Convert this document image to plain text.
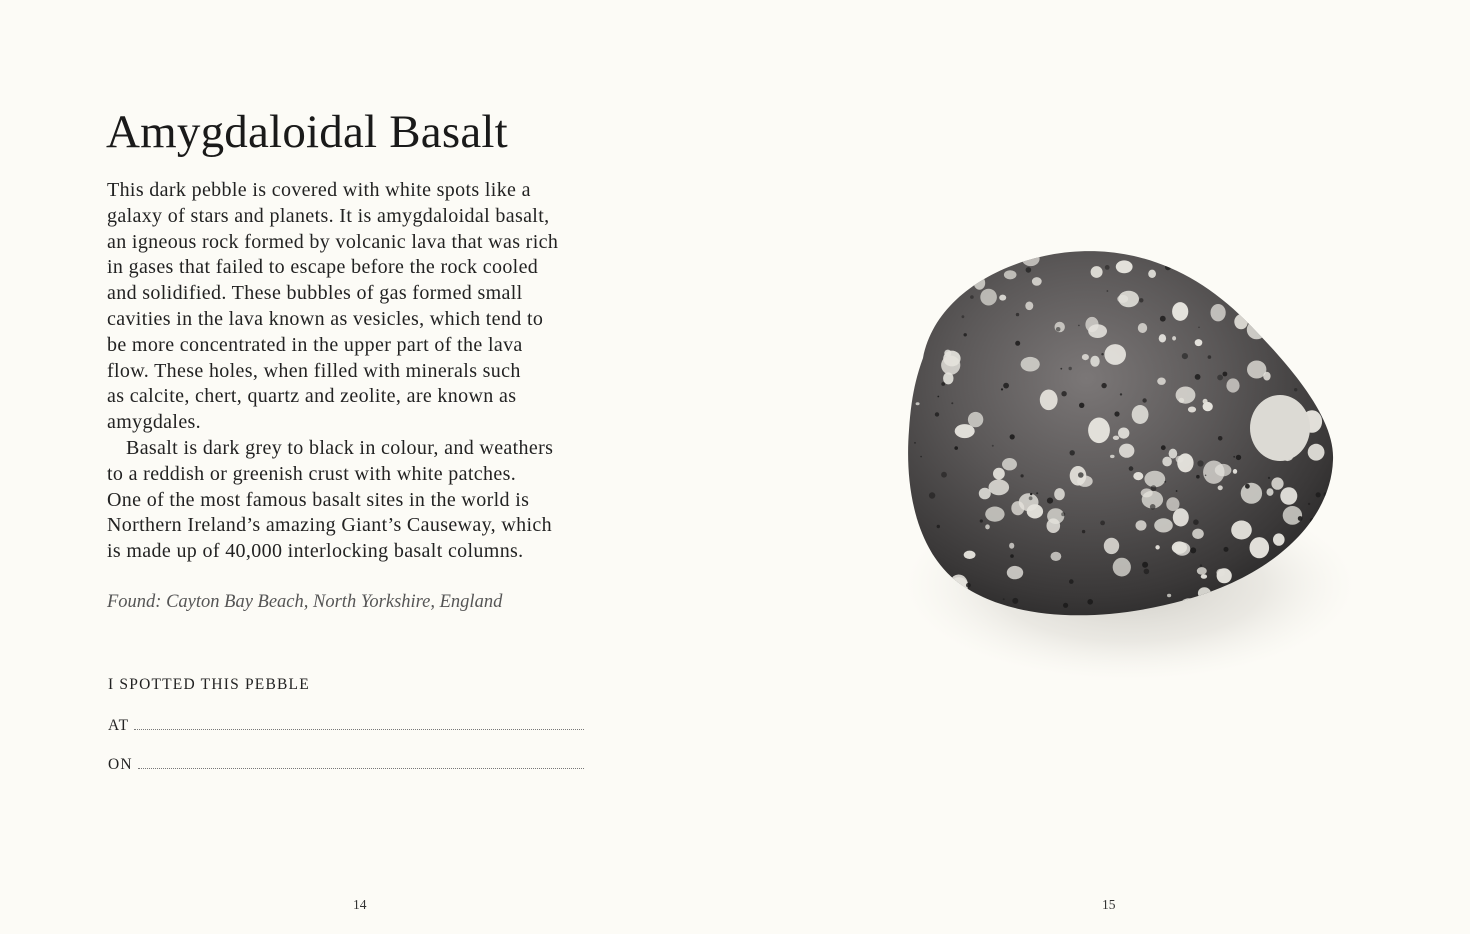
Amygdaloidal Basalt
This dark pebble is covered with white spots like a
galaxy of stars and planets. It is amygdaloidal basalt,
an igneous rock formed by volcanic lava that was rich
in gases that failed to escape before the rock cooled
and solidified. These bubbles of gas formed small
cavities in the lava known as vesicles, which tend to
be more concentrated in the upper part of the lava
flow. These holes, when filled with minerals such
as calcite, chert, quartz and zeolite, are known as
amygdales.
Basalt is dark grey to black in colour, and weathers
to a reddish or greenish crust with white patches.
One of the most famous basalt sites in the world is
Northern Ireland’s amazing Giant’s Causeway, which
is made up of 40,000 interlocking basalt columns.
Found: Cayton Bay Beach, North Yorkshire, England
I SPOTTED THIS PEBBLE
AT
ON
14	15
